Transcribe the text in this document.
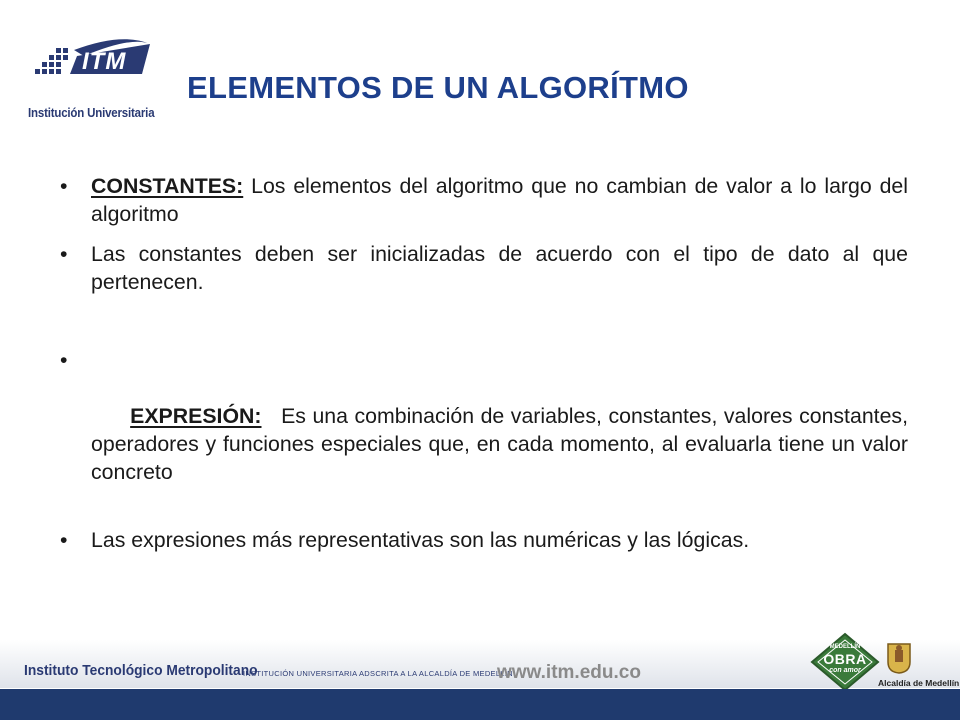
ITM
Institución Universitaria
ELEMENTOS DE UN ALGORÍTMO
• CONSTANTES: Los elementos del algoritmo que no cambian de valor a lo largo del algoritmo
• Las constantes deben ser inicializadas de acuerdo con el tipo de dato al que pertenecen.

•

EXPRESIÓN:   Es una combinación de variables, constantes, valores constantes, operadores y funciones especiales que, en cada momento, al evaluarla tiene un valor concreto

• Las expresiones más representativas son las numéricas y las lógicas.
Instituto Tecnológico Metropolitano
INSTITUCIÓN UNIVERSITARIA ADSCRITA A LA ALCALDÍA DE MEDELLÍN
www.itm.edu.co
MEDELLÍN
OBRA
con amor
Alcaldía de Medellín
